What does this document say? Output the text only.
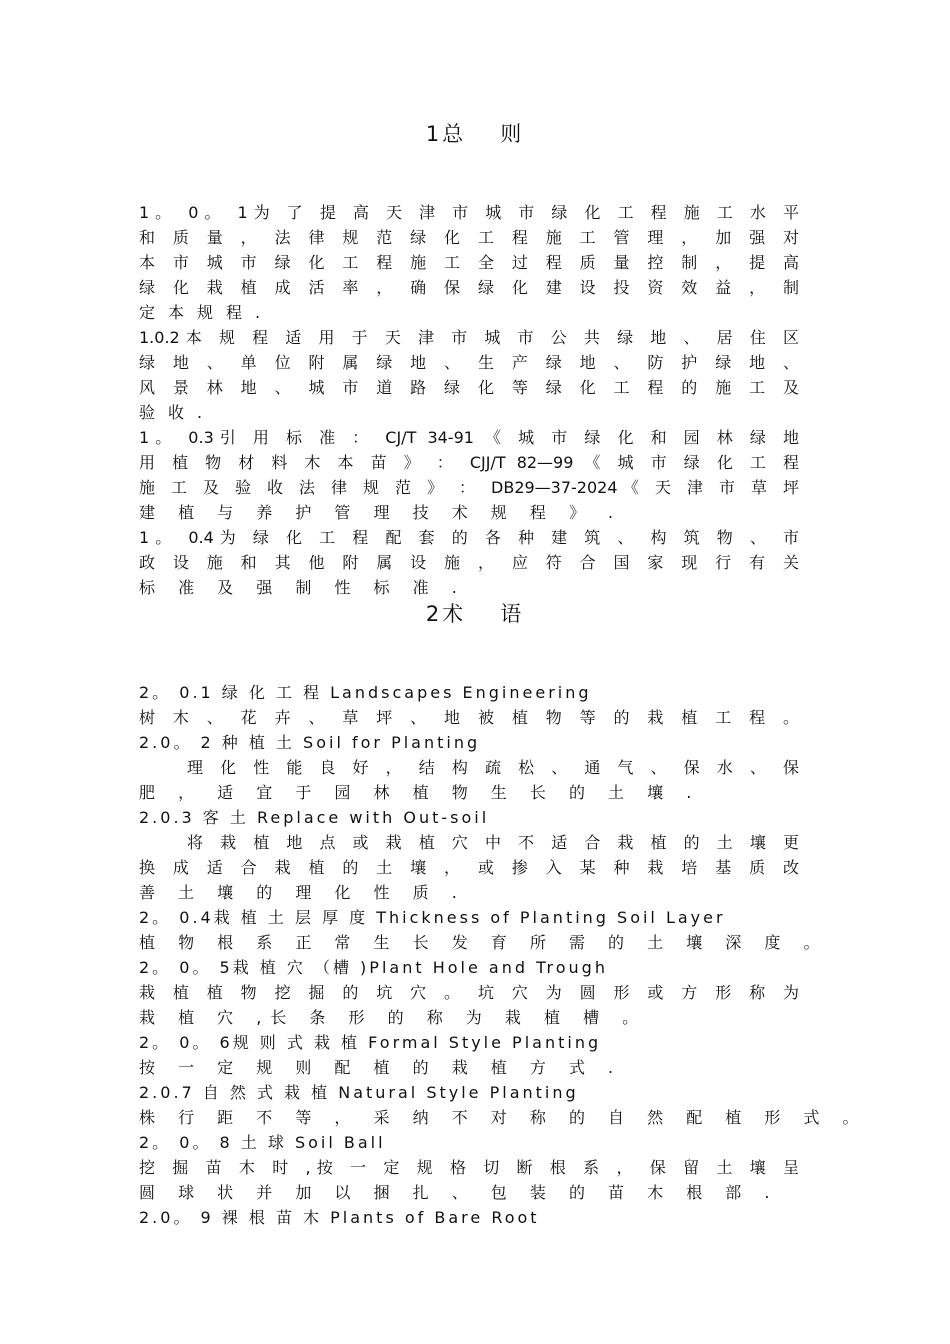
1总 则
1。 0。 1为 了 提 高 天 津 市 城 市 绿 化 工 程 施 工 水 平
和 质 量 ， 法 律 规 范 绿 化 工 程 施 工 管 理 ， 加 强 对
本 市 城 市 绿 化 工 程 施 工 全 过 程 质 量 控 制 ， 提 高
绿 化 栽 植 成 活 率 ， 确 保 绿 化 建 设 投 资 效 益 ， 制
定本规程.
1.0.2本 规 程 适 用 于 天 津 市 城 市 公 共 绿 地 、 居 住 区
绿 地 、 单 位 附 属 绿 地 、 生 产 绿 地 、 防 护 绿 地 、
风 景 林 地 、 城 市 道 路 绿 化 等 绿 化 工 程 的 施 工 及
验收.
1。 0.3引 用 标 准 ： CJ/T 34-91 《 城 市 绿 化 和 园 林 绿 地
用 植 物 材 料 木 本 苗 》 ： CJJ/T 82—99 《 城 市 绿 化 工 程
施 工 及 验 收 法 律 规 范 》 ： DB29—37-2024《 天 津 市 草 坪
建 植 与 养 护 管 理 技 术 规 程 》 .
1。 0.4为 绿 化 工 程 配 套 的 各 种 建 筑 、 构 筑 物 、 市
政 设 施 和 其 他 附 属 设 施 ， 应 符 合 国 家 现 行 有 关
标 准 及 强 制 性 标 准 .
2术 语
2。 0.1 绿 化 工 程 Landscapes Engineering
树 木 、 花 卉 、 草 坪 、 地 被 植 物 等 的 栽 植 工 程 。
2.0。 2 种 植 土 Soil for Planting
理 化 性 能 良 好 ， 结 构 疏 松 、 通 气 、 保 水 、 保
肥 ， 适 宜 于 园 林 植 物 生 长 的 土 壤 .
2.0.3 客 土 Replace with Out-soil
将 栽 植 地 点 或 栽 植 穴 中 不 适 合 栽 植 的 土 壤 更
换 成 适 合 栽 植 的 土 壤 ， 或 掺 入 某 种 栽 培 基 质 改
善 土 壤 的 理 化 性 质 .
2。 0.4栽 植 土 层 厚 度 Thickness of Planting Soil Layer
植 物 根 系 正 常 生 长 发 育 所 需 的 土 壤 深 度 。
2。 0。 5栽 植 穴 （槽 )Plant Hole and Trough
栽 植 植 物 挖 掘 的 坑 穴 。 坑 穴 为 圆 形 或 方 形 称 为
栽 植 穴 ,长 条 形 的 称 为 栽 植 槽 。
2。 0。 6规 则 式 栽 植 Formal Style Planting
按 一 定 规 则 配 植 的 栽 植 方 式 .
2.0.7 自 然 式 栽 植 Natural Style Planting
株 行 距 不 等 ， 采 纳 不 对 称 的 自 然 配 植 形 式 。
2。 0。 8 土 球 Soil Ball
挖 掘 苗 木 时 ,按 一 定 规 格 切 断 根 系 ， 保 留 土 壤 呈
圆 球 状 并 加 以 捆 扎 、 包 装 的 苗 木 根 部 .
2.0。 9 裸 根 苗 木 Plants of Bare Root
